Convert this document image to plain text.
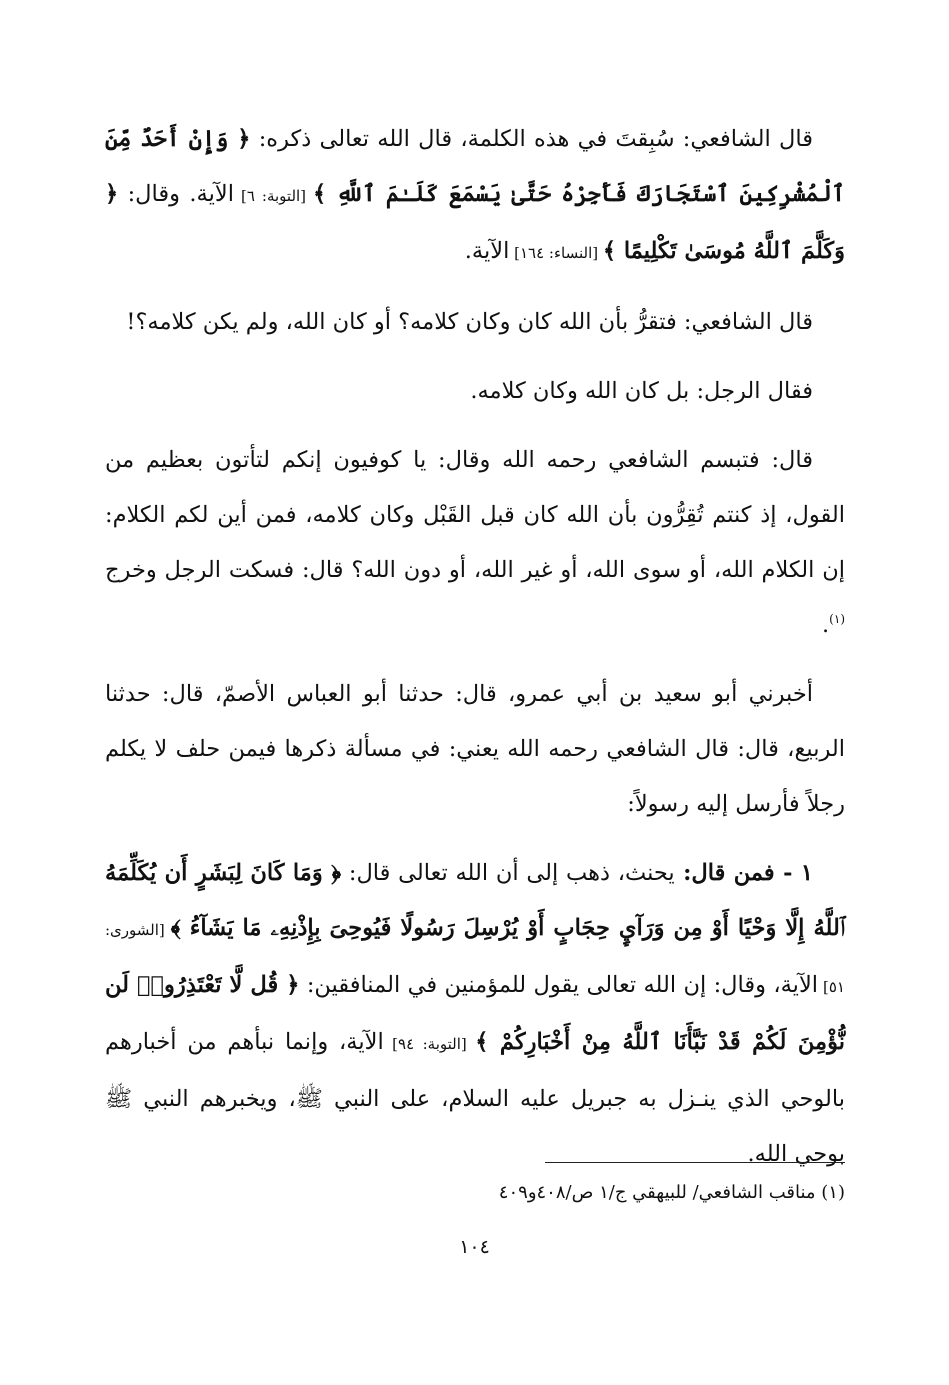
قال الشافعي: سُبِقتَ في هذه الكلمة، قال الله تعالى ذكره: ﴿ وَإِنْ أَحَدٌ مِّنَ ٱلْمُشْرِكِينَ ٱسْتَجَارَكَ فَأَجِرْهُ حَتَّىٰ يَسْمَعَ كَلَـٰمَ ٱللَّهِ ﴾ [التوبة: ٦] الآية. وقال: ﴿ وَكَلَّمَ ٱللَّهُ مُوسَىٰ تَكْلِيمًا ﴾ [النساء: ١٦٤] الآية.

قال الشافعي: فتقرُّ بأن الله كان وكان كلامه؟ أو كان الله، ولم يكن كلامه؟!

فقال الرجل: بل كان الله وكان كلامه.

قال: فتبسم الشافعي رحمه الله وقال: يا كوفيون إنكم لتأتون بعظيم من القول، إذ كنتم تُقِرُّون بأن الله كان قبل القَبْل وكان كلامه، فمن أين لكم الكلام: إن الكلام الله، أو سوى الله، أو غير الله، أو دون الله؟ قال: فسكت الرجل وخرج $^{(١)}$.

أخبرني أبو سعيد بن أبي عمرو، قال: حدثنا أبو العباس الأصمّ، قال: حدثنا الربيع، قال: قال الشافعي رحمه الله يعني: في مسألة ذكرها فيمن حلف لا يكلم رجلاً فأرسل إليه رسولاً:

١ - فمن قال: يحنث، ذهب إلى أن الله تعالى قال: ﴿ وَمَا كَانَ لِبَشَرٍ أَن يُكَلِّمَهُ ٱللَّهُ إِلَّا وَحْيًا أَوْ مِن وَرَآيِٕ حِجَابٍ أَوْ يُرْسِلَ رَسُولًا فَيُوحِىَ بِإِذْنِهِۦ مَا يَشَآءُ ﴾ [الشورى: ٥١] الآية، وقال: إن الله تعالى يقول للمؤمنين في المنافقين: ﴿ قُل لَّا تَعْتَذِرُوا۟ لَن نُّؤْمِنَ لَكُمْ قَدْ نَبَّأَنَا ٱللَّهُ مِنْ أَخْبَارِكُمْ ﴾ [التوبة: ٩٤] الآية، وإنما نبأهم من أخبارهم بالوحي الذي ينـزل به جبريل عليه السلام، على النبي ﷺ، ويخبرهم النبي ﷺ بوحي الله.

(١) مناقب الشافعي/ للبيهقي ج/١ ص/٤٠٨و٤٠٩
١٠٤
